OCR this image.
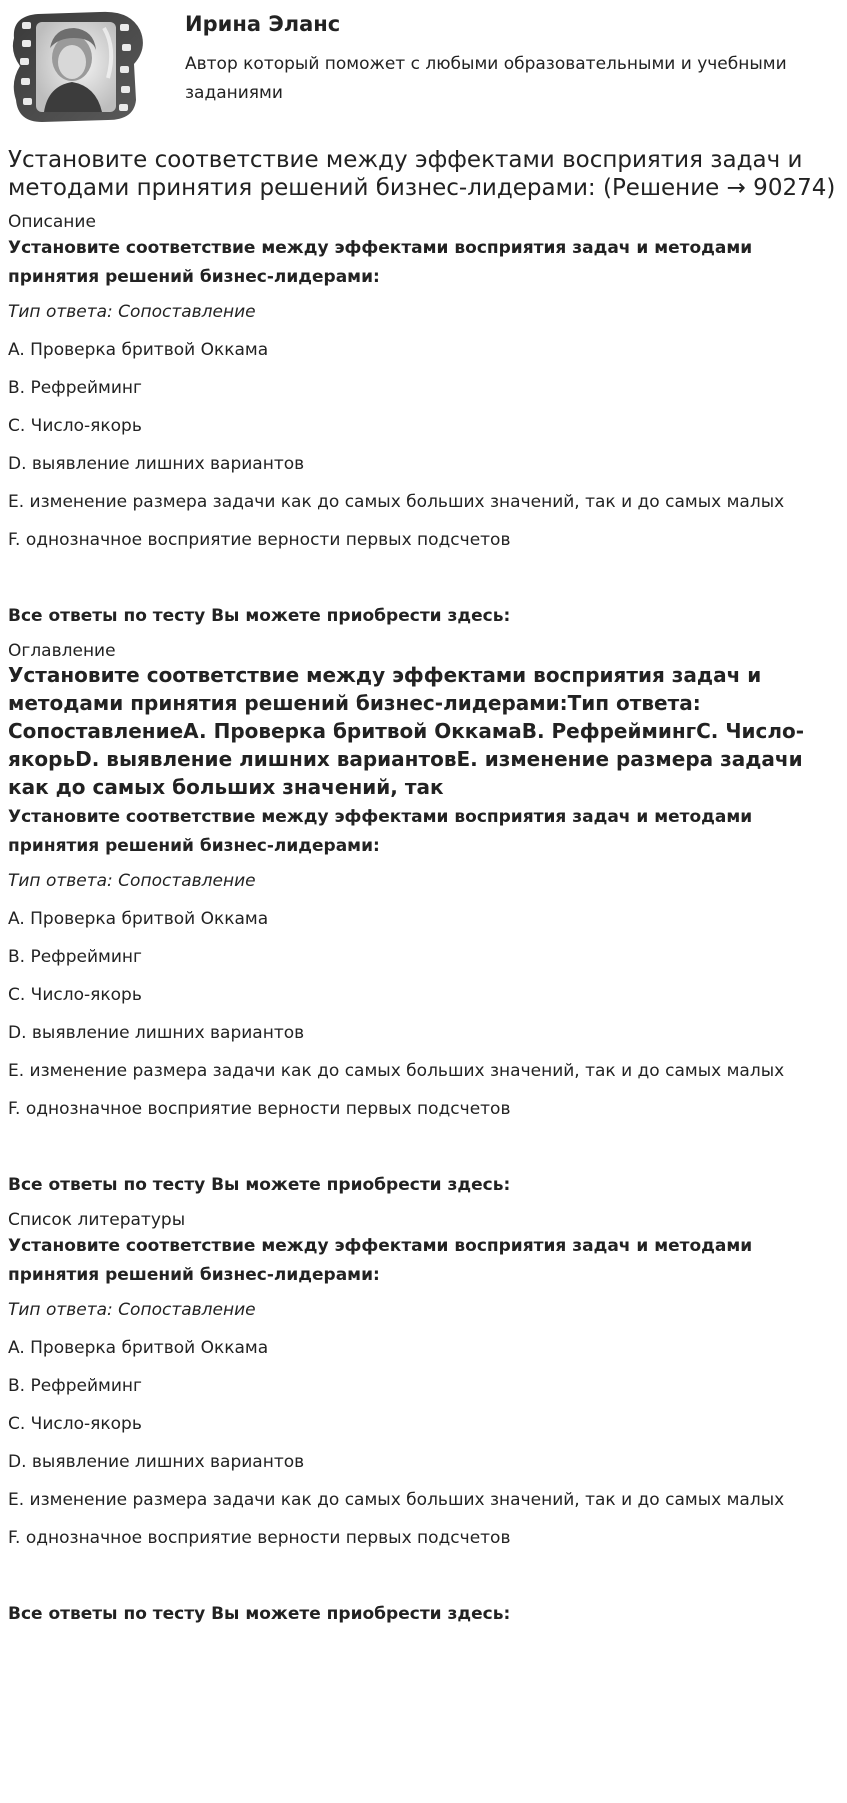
Ирина Эланс
Автор который поможет с любыми образовательными и учебными заданиями
Установите соответствие между эффектами восприятия задач и методами принятия решений бизнес-лидерами: (Решение → 90274)
Описание
Установите соответствие между эффектами восприятия задач и методами принятия решений бизнес-лидерами:
Тип ответа: Сопоставление
A. Проверка бритвой Оккама
B. Рефрейминг
C. Число-якорь
D. выявление лишних вариантов
E. изменение размера задачи как до самых больших значений, так и до самых малых
F. однозначное восприятие верности первых подсчетов
Все ответы по тесту Вы можете приобрести здесь:
Оглавление
Установите соответствие между эффектами восприятия задач и методами принятия решений бизнес-лидерами:Тип ответа: СопоставлениеA. Проверка бритвой ОккамаB. РефреймингC. Число-якорьD. выявление лишних вариантовE. изменение размера задачи как до самых больших значений, так
Установите соответствие между эффектами восприятия задач и методами принятия решений бизнес-лидерами:
Тип ответа: Сопоставление
A. Проверка бритвой Оккама
B. Рефрейминг
C. Число-якорь
D. выявление лишних вариантов
E. изменение размера задачи как до самых больших значений, так и до самых малых
F. однозначное восприятие верности первых подсчетов
Все ответы по тесту Вы можете приобрести здесь:
Список литературы
Установите соответствие между эффектами восприятия задач и методами принятия решений бизнес-лидерами:
Тип ответа: Сопоставление
A. Проверка бритвой Оккама
B. Рефрейминг
C. Число-якорь
D. выявление лишних вариантов
E. изменение размера задачи как до самых больших значений, так и до самых малых
F. однозначное восприятие верности первых подсчетов
Все ответы по тесту Вы можете приобрести здесь:
